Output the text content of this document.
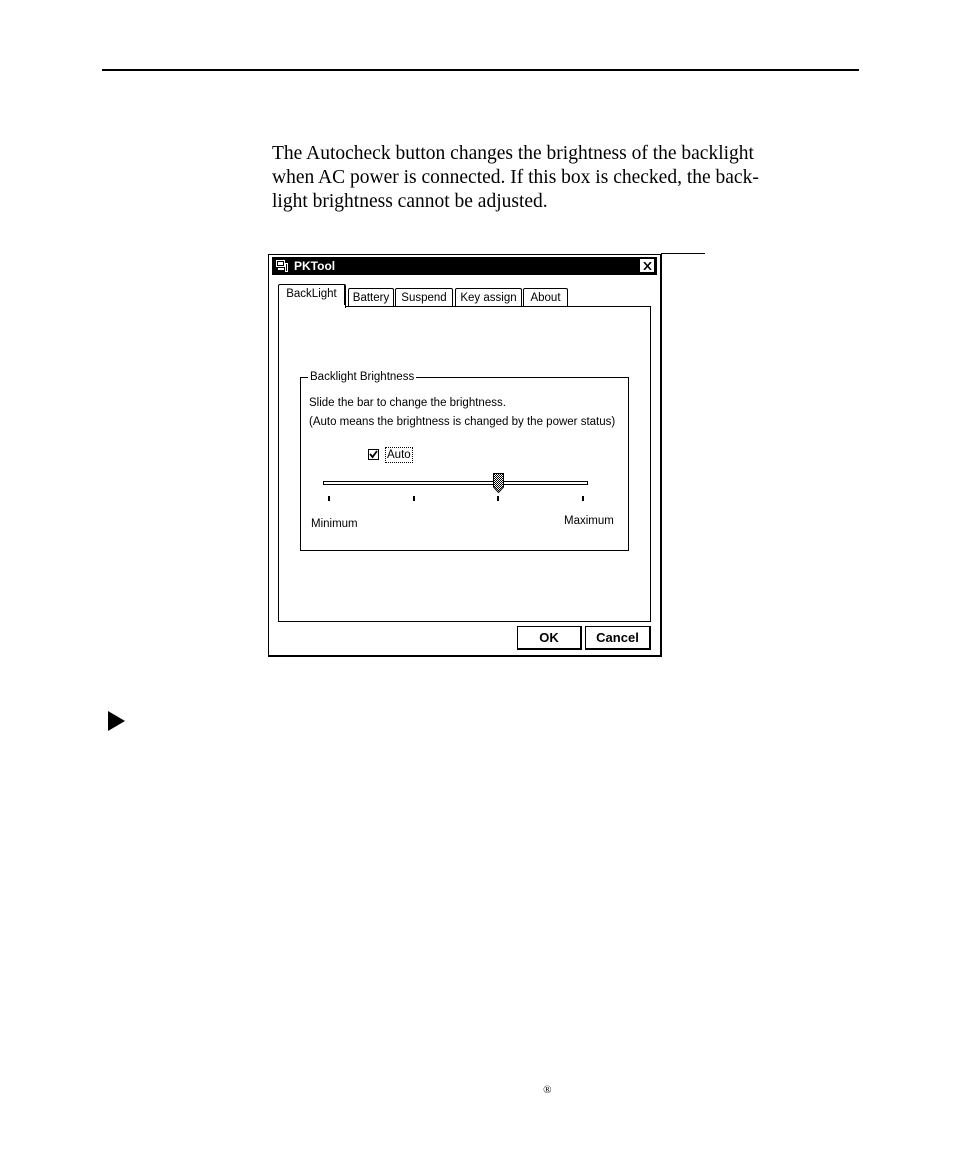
The Autocheck button changes the brightness of the backlight
when AC power is connected. If this box is checked, the back-
light brightness cannot be adjusted.

PKTool
BackLight	Battery	Suspend	Key assign	About
Backlight Brightness
Slide the bar to change the brightness.
(Auto means the brightness is changed by the power status)
Auto
Minimum	Maximum
OK	Cancel
®
